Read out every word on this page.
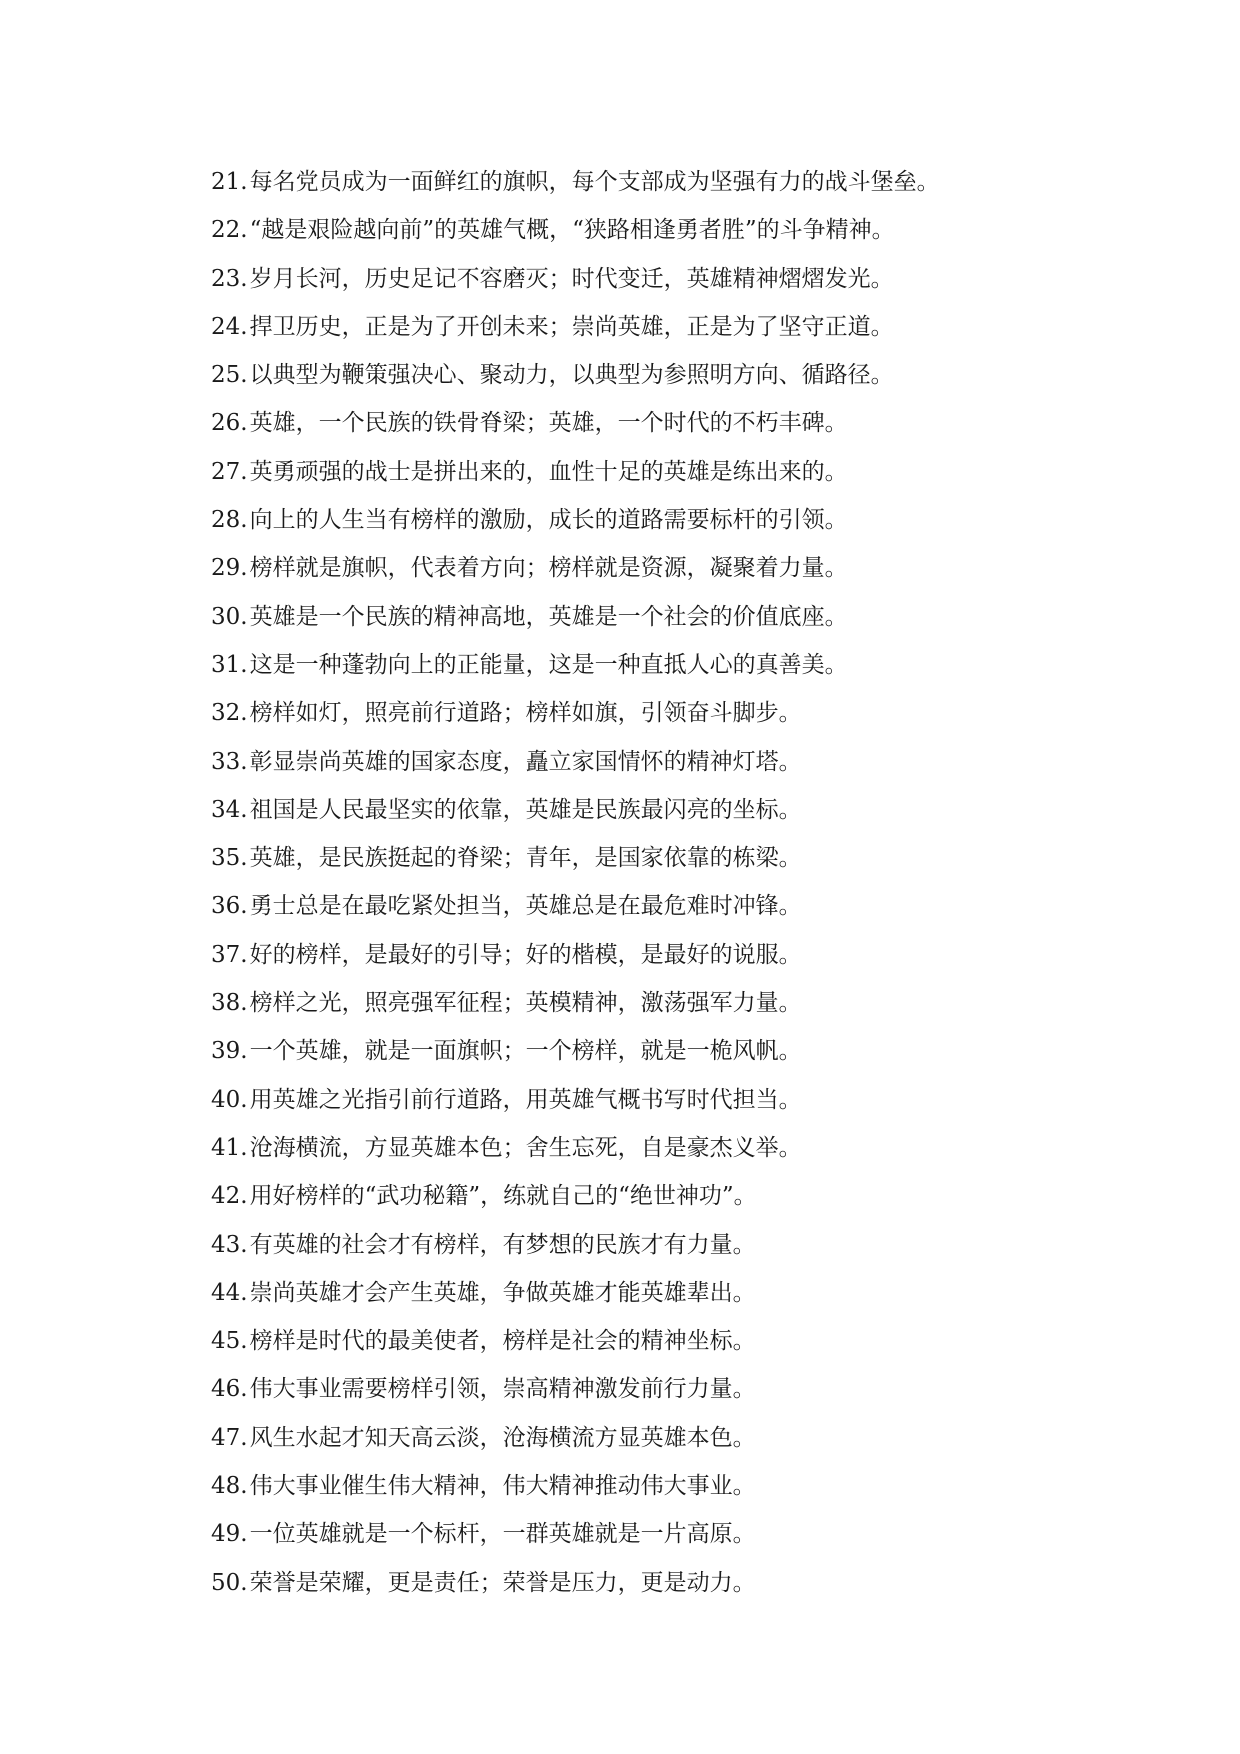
21.每名党员成为一面鲜红的旗帜，每个支部成为坚强有力的战斗堡垒。
22.“越是艰险越向前”的英雄气概，“狭路相逢勇者胜”的斗争精神。
23.岁月长河，历史足记不容磨灭；时代变迁，英雄精神熠熠发光。
24.捍卫历史，正是为了开创未来；崇尚英雄，正是为了坚守正道。
25.以典型为鞭策强决心、聚动力，以典型为参照明方向、循路径。
26.英雄，一个民族的铁骨脊梁；英雄，一个时代的不朽丰碑。
27.英勇顽强的战士是拼出来的，血性十足的英雄是练出来的。
28.向上的人生当有榜样的激励，成长的道路需要标杆的引领。
29.榜样就是旗帜，代表着方向；榜样就是资源，凝聚着力量。
30.英雄是一个民族的精神高地，英雄是一个社会的价值底座。
31.这是一种蓬勃向上的正能量，这是一种直抵人心的真善美。
32.榜样如灯，照亮前行道路；榜样如旗，引领奋斗脚步。
33.彰显崇尚英雄的国家态度，矗立家国情怀的精神灯塔。
34.祖国是人民最坚实的依靠，英雄是民族最闪亮的坐标。
35.英雄，是民族挺起的脊梁；青年，是国家依靠的栋梁。
36.勇士总是在最吃紧处担当，英雄总是在最危难时冲锋。
37.好的榜样，是最好的引导；好的楷模，是最好的说服。
38.榜样之光，照亮强军征程；英模精神，激荡强军力量。
39.一个英雄，就是一面旗帜；一个榜样，就是一桅风帆。
40.用英雄之光指引前行道路，用英雄气概书写时代担当。
41.沧海横流，方显英雄本色；舍生忘死，自是豪杰义举。
42.用好榜样的“武功秘籍”，练就自己的“绝世神功”。
43.有英雄的社会才有榜样，有梦想的民族才有力量。
44.崇尚英雄才会产生英雄，争做英雄才能英雄辈出。
45.榜样是时代的最美使者，榜样是社会的精神坐标。
46.伟大事业需要榜样引领，崇高精神激发前行力量。
47.风生水起才知天高云淡，沧海横流方显英雄本色。
48.伟大事业催生伟大精神，伟大精神推动伟大事业。
49.一位英雄就是一个标杆，一群英雄就是一片高原。
50.荣誉是荣耀，更是责任；荣誉是压力，更是动力。
